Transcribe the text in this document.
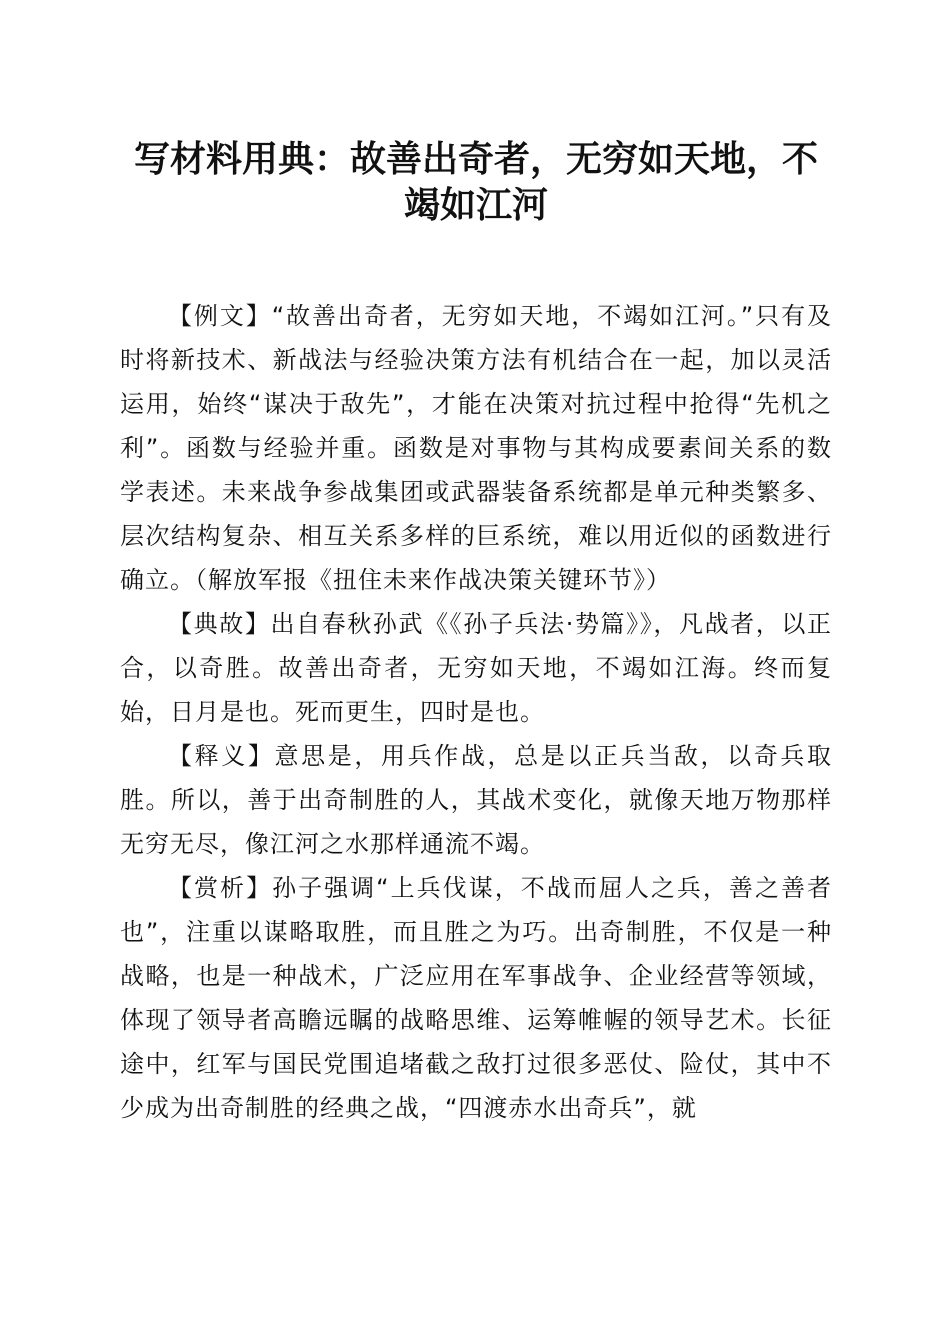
写材料用典：故善出奇者，无穷如天地，不竭如江河

【例文】“故善出奇者，无穷如天地，不竭如江河。”只有及时将新技术、新战法与经验决策方法有机结合在一起，加以灵活运用，始终“谋决于敌先”，才能在决策对抗过程中抢得“先机之利”。函数与经验并重。函数是对事物与其构成要素间关系的数学表述。未来战争参战集团或武器装备系统都是单元种类繁多、层次结构复杂、相互关系多样的巨系统，难以用近似的函数进行确立。（解放军报《扭住未来作战决策关键环节》）

【典故】出自春秋孙武《《孙子兵法·势篇》》，凡战者，以正合，以奇胜。故善出奇者，无穷如天地，不竭如江海。终而复始，日月是也。死而更生，四时是也。

【释义】意思是，用兵作战，总是以正兵当敌，以奇兵取胜。所以，善于出奇制胜的人，其战术变化，就像天地万物那样无穷无尽，像江河之水那样通流不竭。

【赏析】孙子强调“上兵伐谋，不战而屈人之兵，善之善者也”，注重以谋略取胜，而且胜之为巧。出奇制胜，不仅是一种战略，也是一种战术，广泛应用在军事战争、企业经营等领域，体现了领导者高瞻远瞩的战略思维、运筹帷幄的领导艺术。长征途中，红军与国民党围追堵截之敌打过很多恶仗、险仗，其中不少成为出奇制胜的经典之战，“四渡赤水出奇兵”，就
